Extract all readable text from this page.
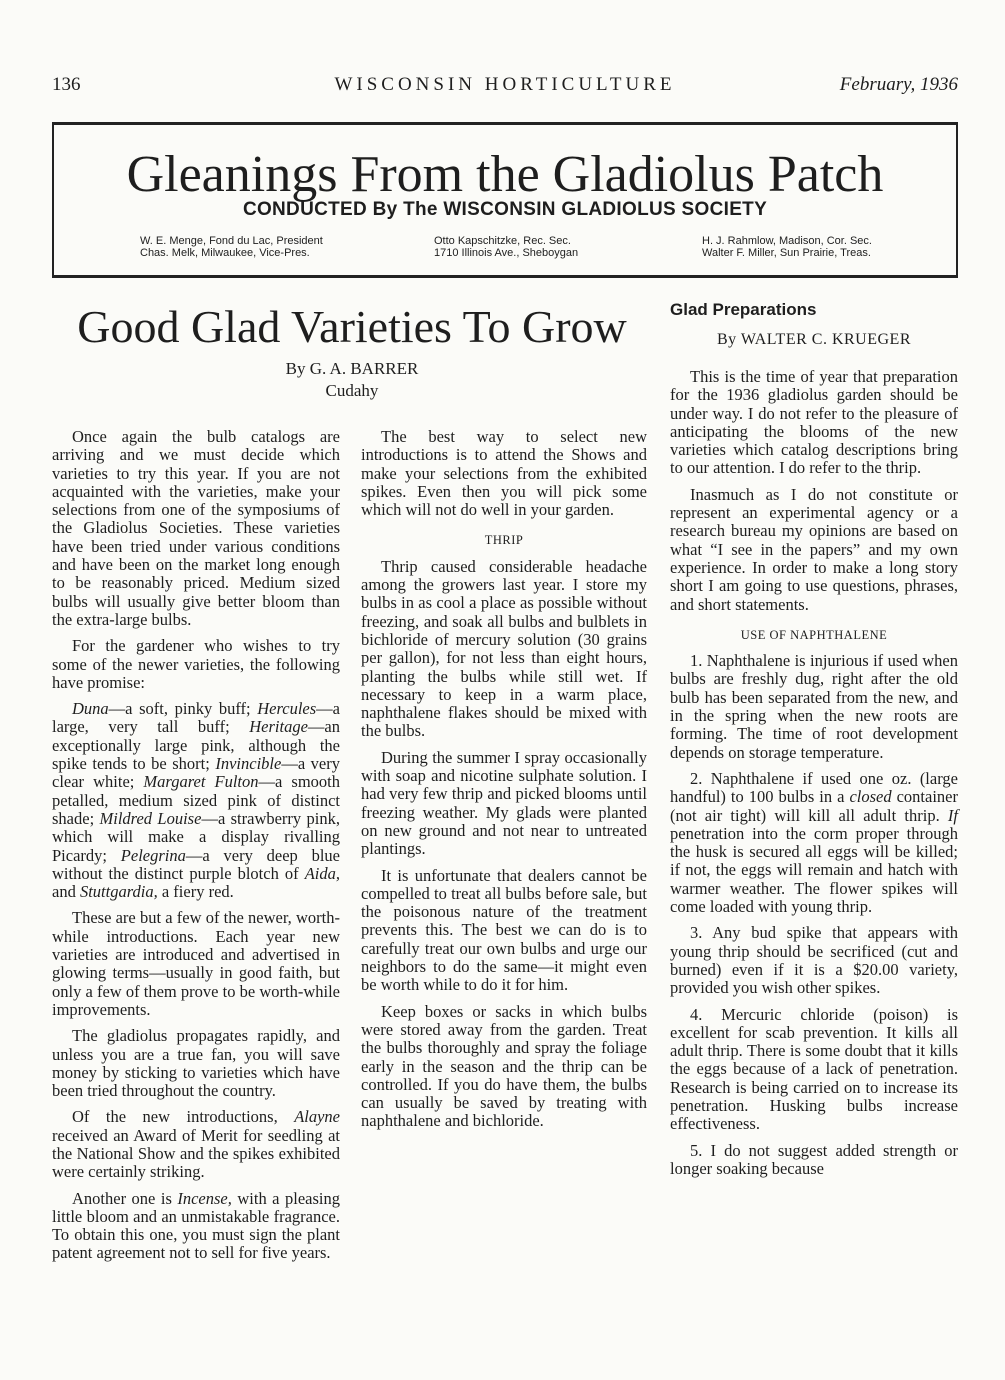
136	WISCONSIN HORTICULTURE	February, 1936
Gleanings From the Gladiolus Patch
CONDUCTED By The WISCONSIN GLADIOLUS SOCIETY
W. E. Menge, Fond du Lac, President
Chas. Melk, Milwaukee, Vice-Pres.
Otto Kapschitzke, Rec. Sec.
1710 Illinois Ave., Sheboygan
H. J. Rahmlow, Madison, Cor. Sec.
Walter F. Miller, Sun Prairie, Treas.
Good Glad Varieties To Grow
By G. A. BARRER
Cudahy

Once again the bulb catalogs are arriving and we must decide which varieties to try this year. If you are not acquainted with the varieties, make your selections from one of the symposiums of the Gladiolus Societies. These varieties have been tried under various conditions and have been on the market long enough to be reasonably priced. Medium sized bulbs will usually give better bloom than the extra-large bulbs.

For the gardener who wishes to try some of the newer varieties, the following have promise:

Duna—a soft, pinky buff; Hercules—a large, very tall buff; Heritage—an exceptionally large pink, although the spike tends to be short; Invincible—a very clear white; Margaret Fulton—a smooth petalled, medium sized pink of distinct shade; Mildred Louise—a strawberry pink, which will make a display rivalling Picardy; Pelegrina—a very deep blue without the distinct purple blotch of Aida, and Stuttgardia, a fiery red.

These are but a few of the newer, worth-while introductions. Each year new varieties are introduced and advertised in glowing terms—usually in good faith, but only a few of them prove to be worth-while improvements.

The gladiolus propagates rapidly, and unless you are a true fan, you will save money by sticking to varieties which have been tried throughout the country.

Of the new introductions, Alayne received an Award of Merit for seedling at the National Show and the spikes exhibited were certainly striking.

Another one is Incense, with a pleasing little bloom and an unmistakable fragrance. To obtain this one, you must sign the plant patent agreement not to sell for five years.

The best way to select new introductions is to attend the Shows and make your selections from the exhibited spikes. Even then you will pick some which will not do well in your garden.

THRIP

Thrip caused considerable headache among the growers last year. I store my bulbs in as cool a place as possible without freezing, and soak all bulbs and bulblets in bichloride of mercury solution (30 grains per gallon), for not less than eight hours, planting the bulbs while still wet. If necessary to keep in a warm place, naphthalene flakes should be mixed with the bulbs.

During the summer I spray occasionally with soap and nicotine sulphate solution. I had very few thrip and picked blooms until freezing weather. My glads were planted on new ground and not near to untreated plantings.

It is unfortunate that dealers cannot be compelled to treat all bulbs before sale, but the poisonous nature of the treatment prevents this. The best we can do is to carefully treat our own bulbs and urge our neighbors to do the same—it might even be worth while to do it for him.

Keep boxes or sacks in which bulbs were stored away from the garden. Treat the bulbs thoroughly and spray the foliage early in the season and the thrip can be controlled. If you do have them, the bulbs can usually be saved by treating with naphthalene and bichloride.

Glad Preparations
By WALTER C. KRUEGER

This is the time of year that preparation for the 1936 gladiolus garden should be under way. I do not refer to the pleasure of anticipating the blooms of the new varieties which catalog descriptions bring to our attention. I do refer to the thrip.

Inasmuch as I do not constitute or represent an experimental agency or a research bureau my opinions are based on what “I see in the papers” and my own experience. In order to make a long story short I am going to use questions, phrases, and short statements.

USE OF NAPHTHALENE

1. Naphthalene is injurious if used when bulbs are freshly dug, right after the old bulb has been separated from the new, and in the spring when the new roots are forming. The time of root development depends on storage temperature.

2. Naphthalene if used one oz. (large handful) to 100 bulbs in a closed container (not air tight) will kill all adult thrip. If penetration into the corm proper through the husk is secured all eggs will be killed; if not, the eggs will remain and hatch with warmer weather. The flower spikes will come loaded with young thrip.

3. Any bud spike that appears with young thrip should be secrificed (cut and burned) even if it is a $20.00 variety, provided you wish other spikes.

4. Mercuric chloride (poison) is excellent for scab prevention. It kills all adult thrip. There is some doubt that it kills the eggs because of a lack of penetration. Research is being carried on to increase its penetration. Husking bulbs increase effectiveness.

5. I do not suggest added strength or longer soaking because
